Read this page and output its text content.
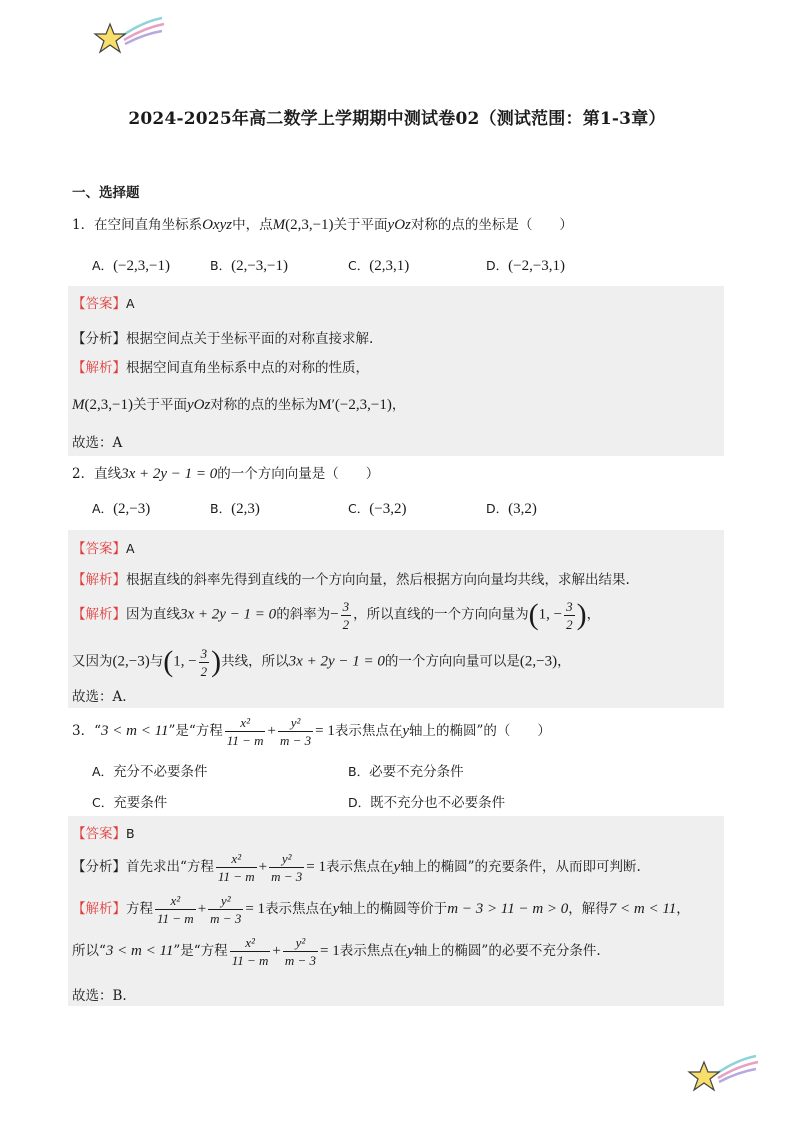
2024-2025年高二数学上学期期中测试卷02（测试范围：第1-3章）
一、选择题
1．在空间直角坐标系Oxyz中，点M(2,3,−1)关于平面yOz对称的点的坐标是（　　）
A．(−2,3,−1)	B．(2,−3,−1)	C．(2,3,1)	D．(−2,−3,1)
【答案】A
【分析】根据空间点关于坐标平面的对称直接求解.
【解析】根据空间直角坐标系中点的对称的性质，
M(2,3,−1)关于平面yOz对称的点的坐标为M′(−2,3,−1)，
故选：A
2．直线3x + 2y − 1 = 0的一个方向向量是（　　）
A．(2,−3)	B．(2,3)	C．(−3,2)	D．(3,2)
【答案】A
【解析】根据直线的斜率先得到直线的一个方向向量，然后根据方向向量均共线，求解出结果.
【解析】因为直线3x + 2y − 1 = 0的斜率为− $\frac{3}{2}$ ，所以直线的一个方向向量为(1, − $\frac{3}{2}$ )，
又因为(2,−3)与(1, − $\frac{3}{2}$ )共线，所以3x + 2y − 1 = 0的一个方向向量可以是(2,−3)，
故选：A.
3．“3 < m < 11”是“方程 $\frac{\text{x²}}{11 - m} + \frac{\text{y²}}{m - 3} = 1$表示焦点在y轴上的椭圆”的（　　）
A．充分不必要条件	B．必要不充分条件
C．充要条件	D．既不充分也不必要条件
【答案】B
【分析】首先求出“方程 $\frac{\text{x²}}{11 - m} + \frac{\text{y²}}{m - 3} = 1$表示焦点在y轴上的椭圆”的充要条件，从而即可判断.
【解析】方程 $\frac{\text{x²}}{11 - m} + \frac{\text{y²}}{m - 3} = 1$表示焦点在y轴上的椭圆等价于m − 3 > 11 − m > 0，解得7 < m < 11，
所以“3 < m < 11”是“方程 $\frac{\text{x²}}{11 - m} + \frac{\text{y²}}{m - 3} = 1$表示焦点在y轴上的椭圆”的必要不充分条件.
故选：B.
